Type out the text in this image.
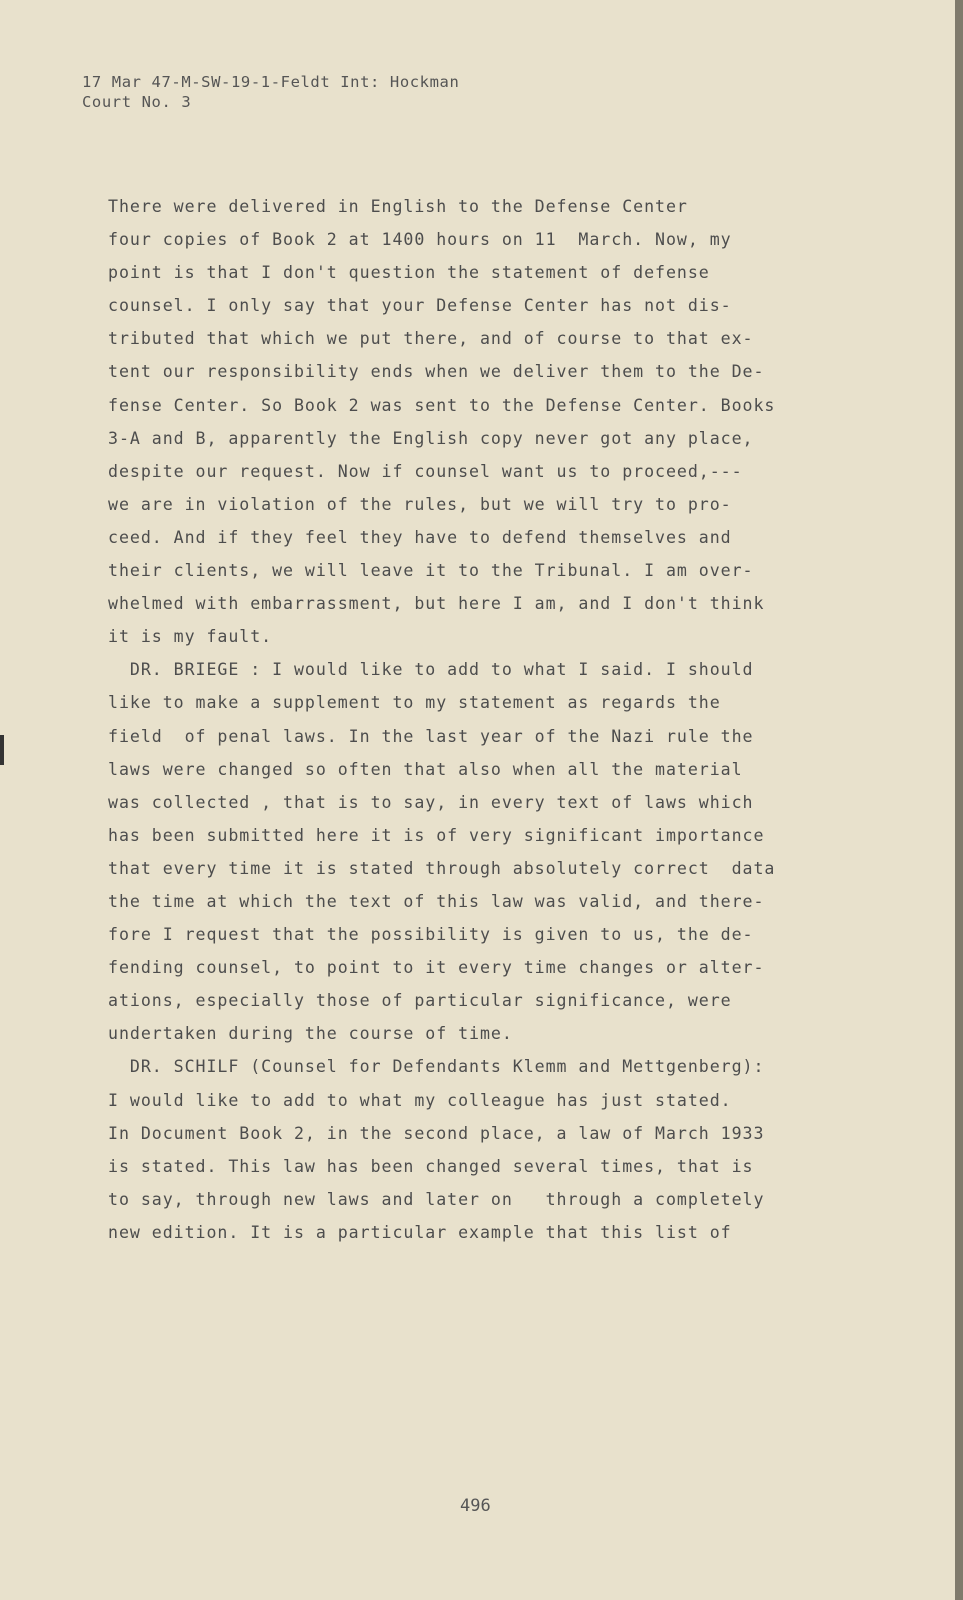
17 Mar 47-M-SW-19-1-Feldt Int: Hockman
Court No. 3
There were delivered in English to the Defense Center
four copies of Book 2 at 1400 hours on 11  March. Now, my
point is that I don't question the statement of defense
counsel. I only say that your Defense Center has not dis-
tributed that which we put there, and of course to that ex-
tent our responsibility ends when we deliver them to the De-
fense Center. So Book 2 was sent to the Defense Center. Books
3-A and B, apparently the English copy never got any place,
despite our request. Now if counsel want us to proceed,---
we are in violation of the rules, but we will try to pro-
ceed. And if they feel they have to defend themselves and
their clients, we will leave it to the Tribunal. I am over-
whelmed with embarrassment, but here I am, and I don't think
it is my fault.
DR. BRIEGE : I would like to add to what I said. I should
like to make a supplement to my statement as regards the
field  of penal laws. In the last year of the Nazi rule the
laws were changed so often that also when all the material
was collected , that is to say, in every text of laws which
has been submitted here it is of very significant importance
that every time it is stated through absolutely correct  data
the time at which the text of this law was valid, and there-
fore I request that the possibility is given to us, the de-
fending counsel, to point to it every time changes or alter-
ations, especially those of particular significance, were
undertaken during the course of time.
DR. SCHILF (Counsel for Defendants Klemm and Mettgenberg):
I would like to add to what my colleague has just stated.
In Document Book 2, in the second place, a law of March 1933
is stated. This law has been changed several times, that is
to say, through new laws and later on   through a completely
new edition. It is a particular example that this list of
496
